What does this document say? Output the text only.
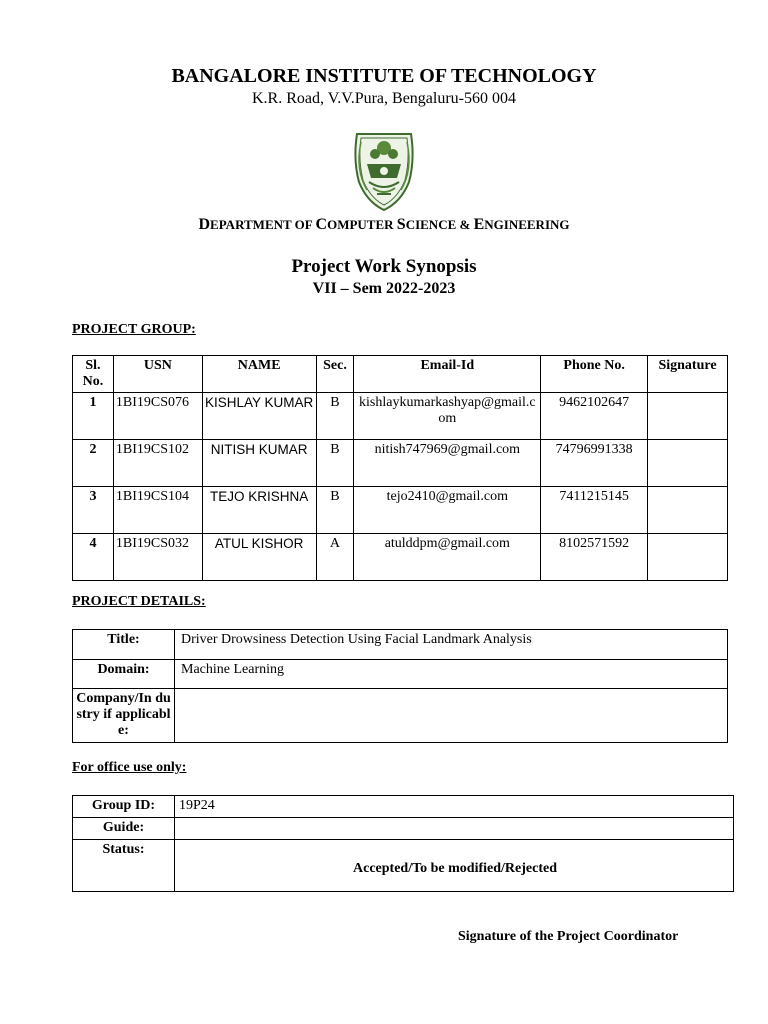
BANGALORE INSTITUTE OF TECHNOLOGY
K.R. Road, V.V.Pura, Bengaluru-560 004
DEPARTMENT OF COMPUTER SCIENCE & ENGINEERING
Project Work Synopsis
VII – Sem 2022-2023
PROJECT GROUP:
Sl. No.	USN	NAME	Sec.	Email-Id	Phone No.	Signature
1	1BI19CS076	KISHLAY KUMAR	B	kishlaykumarkashyap@gmail.com	9462102647	
2	1BI19CS102	NITISH KUMAR	B	nitish747969@gmail.com	74796991338	
3	1BI19CS104	TEJO KRISHNA	B	tejo2410@gmail.com	7411215145	
4	1BI19CS032	ATUL KISHOR	A	atulddpm@gmail.com	8102571592	
PROJECT DETAILS:
Title:	Driver Drowsiness Detection Using Facial Landmark Analysis
Domain:	Machine Learning
Company/In dustry if applicable:	
For office use only:
Group ID:	19P24
Guide:	
Status:	Accepted/To be modified/Rejected
Signature of the Project Coordinator
